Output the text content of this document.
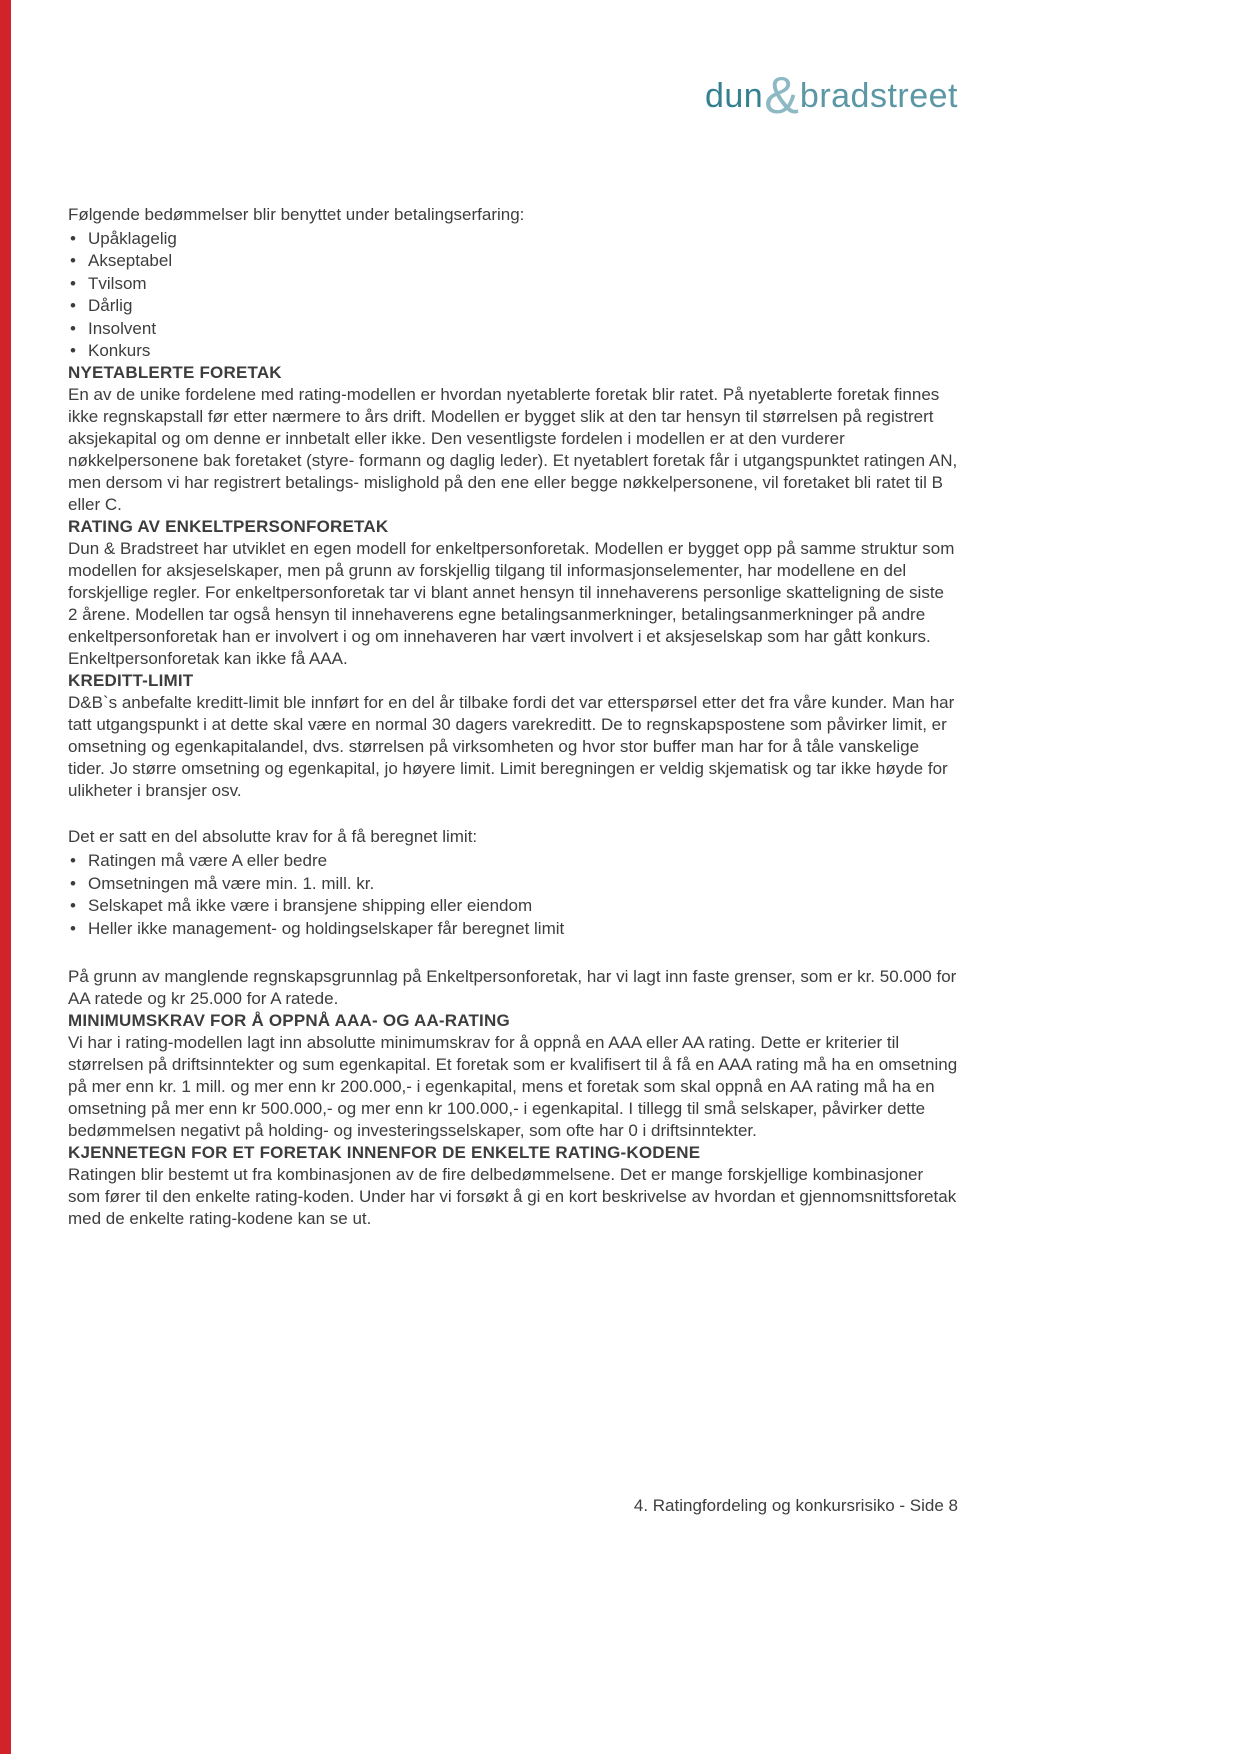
dun&bradstreet

Følgende bedømmelser blir benyttet under betalingserfaring:

• Upåklagelig
• Akseptabel
• Tvilsom
• Dårlig
• Insolvent
• Konkurs
NYETABLERTE FORETAK

En av de unike fordelene med rating-modellen er hvordan nyetablerte foretak blir ratet. På nyetablerte foretak finnes ikke regnskapstall før etter nærmere to års drift. Modellen er bygget slik at den tar hensyn til størrelsen på registrert aksjekapital og om denne er innbetalt eller ikke. Den vesentligste fordelen i modellen er at den vurderer nøkkelpersonene bak foretaket (styre- formann og daglig leder). Et nyetablert foretak får i utgangspunktet ratingen AN, men dersom vi har registrert betalings- mislighold på den ene eller begge nøkkelpersonene, vil foretaket bli ratet til B eller C.

RATING AV ENKELTPERSONFORETAK

Dun & Bradstreet har utviklet en egen modell for enkeltpersonforetak. Modellen er bygget opp på samme struktur som modellen for aksjeselskaper, men på grunn av forskjellig tilgang til informasjonselementer, har modellene en del forskjellige regler. For enkeltpersonforetak tar vi blant annet hensyn til innehaverens personlige skatteligning de siste 2 årene. Modellen tar også hensyn til innehaverens egne betalingsanmerkninger, betalingsanmerkninger på andre enkeltpersonforetak han er involvert i og om innehaveren har vært involvert i et aksjeselskap som har gått konkurs. Enkeltpersonforetak kan ikke få AAA.

KREDITT-LIMIT

D&B`s anbefalte kreditt-limit ble innført for en del år tilbake fordi det var etterspørsel etter det fra våre kunder. Man har tatt utgangspunkt i at dette skal være en normal 30 dagers varekreditt. De to regnskapspostene som påvirker limit, er omsetning og egenkapitalandel, dvs. størrelsen på virksomheten og hvor stor buffer man har for å tåle vanskelige tider. Jo større omsetning og egenkapital, jo høyere limit. Limit beregningen er veldig skjematisk og tar ikke høyde for ulikheter i bransjer osv.

Det er satt en del absolutte krav for å få beregnet limit:

• Ratingen må være A eller bedre
• Omsetningen må være min. 1. mill. kr.
• Selskapet må ikke være i bransjene shipping eller eiendom
• Heller ikke management- og holdingselskaper får beregnet limit

På grunn av manglende regnskapsgrunnlag på Enkeltpersonforetak, har vi lagt inn faste grenser, som er kr. 50.000 for AA ratede og kr 25.000 for A ratede.

MINIMUMSKRAV FOR Å OPPNÅ AAA- OG AA-RATING

Vi har i rating-modellen lagt inn absolutte minimumskrav for å oppnå en AAA eller AA rating. Dette er kriterier til størrelsen på driftsinntekter og sum egenkapital. Et foretak som er kvalifisert til å få en AAA rating må ha en omsetning på mer enn kr. 1 mill. og mer enn kr 200.000,- i egenkapital, mens et foretak som skal oppnå en AA rating må ha en omsetning på mer enn kr 500.000,- og mer enn kr 100.000,- i egenkapital. I tillegg til små selskaper, påvirker dette bedømmelsen negativt på holding- og investeringsselskaper, som ofte har 0 i driftsinntekter.

KJENNETEGN FOR ET FORETAK INNENFOR DE ENKELTE RATING-KODENE

Ratingen blir bestemt ut fra kombinasjonen av de fire delbedømmelsene. Det er mange forskjellige kombinasjoner som fører til den enkelte rating-koden. Under har vi forsøkt å gi en kort beskrivelse av hvordan et gjennomsnittsforetak med de enkelte rating-kodene kan se ut.

4. Ratingfordeling og konkursrisiko - Side 8
